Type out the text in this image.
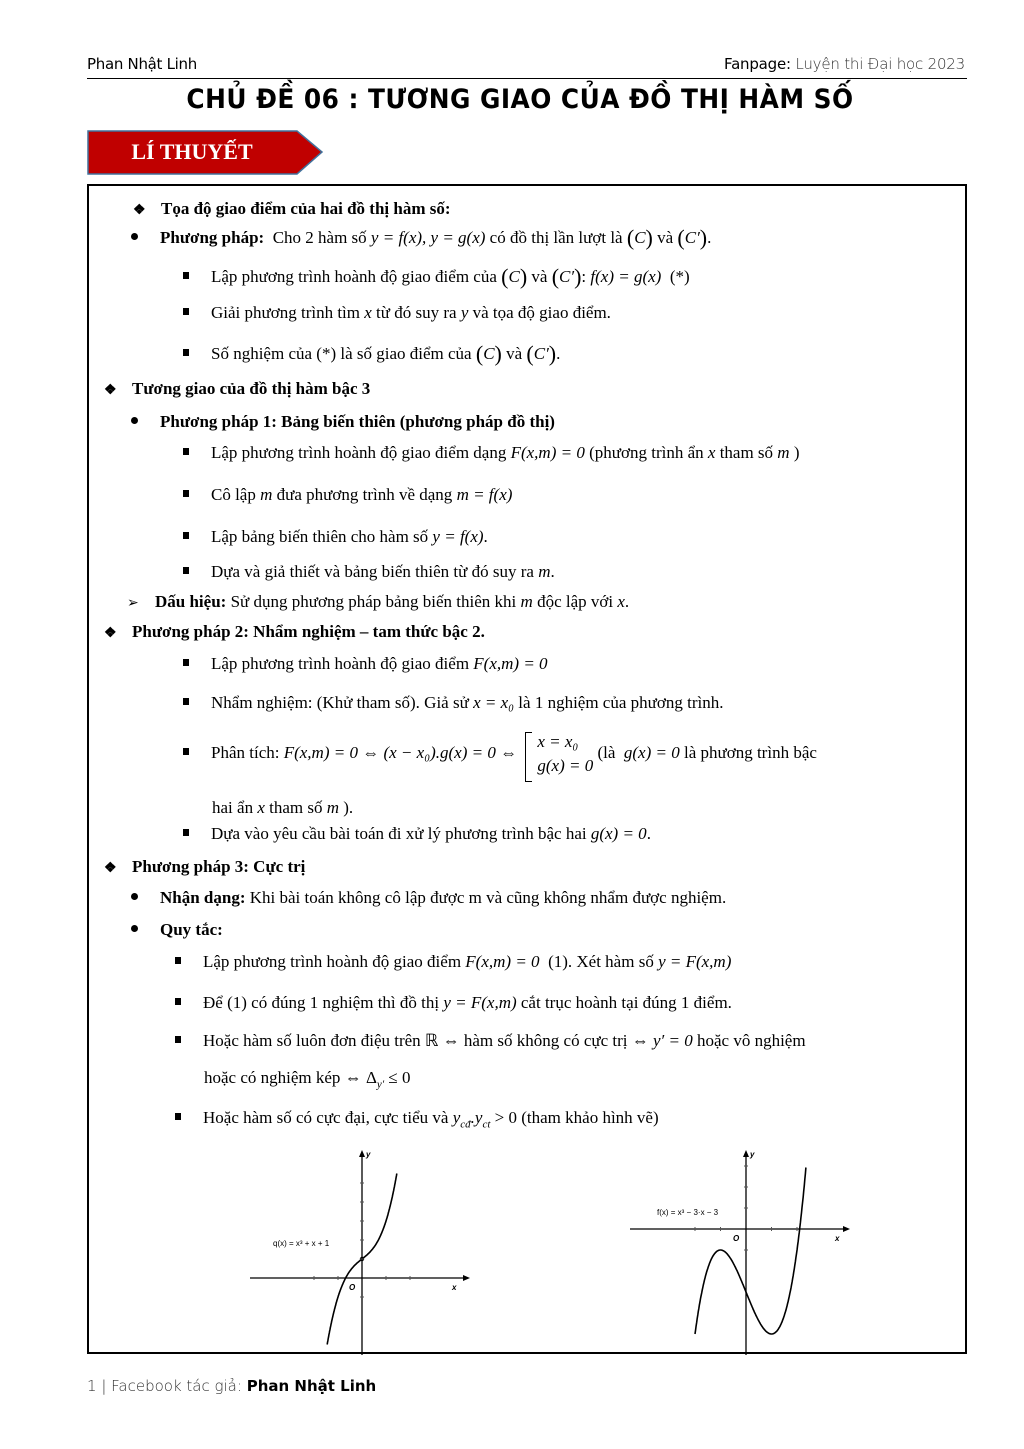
Phan Nhật Linh	Fanpage: Luyện thi Đại học 2023
CHỦ ĐỀ 06 : TƯƠNG GIAO CỦA ĐỒ THỊ HÀM SỐ
LÍ THUYẾT
❖ Tọa độ giao điểm của hai đồ thị hàm số:
Phương pháp: Cho 2 hàm số y = f(x), y = g(x) có đồ thị lần lượt là (C) và (C′).
Lập phương trình hoành độ giao điểm của (C) và (C′): f(x) = g(x) (*)
Giải phương trình tìm x từ đó suy ra y và tọa độ giao điểm.
Số nghiệm của (*) là số giao điểm của (C) và (C′).
❖ Tương giao của đồ thị hàm bậc 3
Phương pháp 1: Bảng biến thiên (phương pháp đồ thị)
Lập phương trình hoành độ giao điểm dạng F(x,m) = 0 (phương trình ẩn x tham số m )
Cô lập m đưa phương trình về dạng m = f(x)
Lập bảng biến thiên cho hàm số y = f(x).
Dựa và giả thiết và bảng biến thiên từ đó suy ra m.
➢ Dấu hiệu: Sử dụng phương pháp bảng biến thiên khi m độc lập với x.
❖ Phương pháp 2: Nhẩm nghiệm – tam thức bậc 2.
Lập phương trình hoành độ giao điểm F(x,m) = 0
Nhẩm nghiệm: (Khử tham số). Giả sử x = x₀ là 1 nghiệm của phương trình.
Phân tích: F(x,m) = 0 ⇔ (x − x₀).g(x) = 0 ⇔
x = x₀
g(x) = 0
(là g(x) = 0 là phương trình bậc
hai ẩn x tham số m ).
Dựa vào yêu cầu bài toán đi xử lý phương trình bậc hai g(x) = 0.
❖ Phương pháp 3: Cực trị
Nhận dạng: Khi bài toán không cô lập được m và cũng không nhẩm được nghiệm.
Quy tắc:
Lập phương trình hoành độ giao điểm F(x,m) = 0 (1). Xét hàm số y = F(x,m)
Để (1) có đúng 1 nghiệm thì đồ thị y = F(x,m) cắt trục hoành tại đúng 1 điểm.
Hoặc hàm số luôn đơn điệu trên ℝ ⇔ hàm số không có cực trị ⇔ y′ = 0 hoặc vô nghiệm
hoặc có nghiệm kép ⇔ $\Delta_{y'} \le 0$
Hoặc hàm số có cực đại, cực tiểu và $y_{cđ}.y_{ct} > 0$ (tham khảo hình vẽ)
y
x
O
q(x) = x³ + x + 1
y
x
O
f(x) = x³ − 3·x − 3
1 | Facebook tác giả: Phan Nhật Linh
